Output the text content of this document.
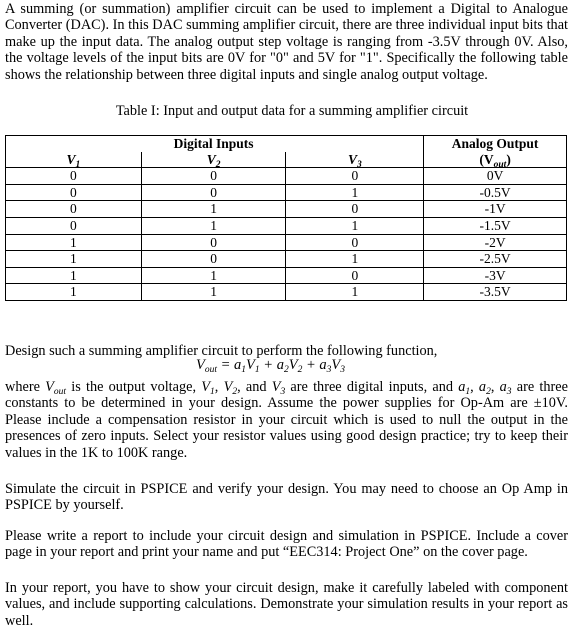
A summing (or summation) amplifier circuit can be used to implement a Digital to Analogue Converter (DAC). In this DAC summing amplifier circuit, there are three individual input bits that make up the input data. The analog output step voltage is ranging from -3.5V through 0V. Also, the voltage levels of the input bits are 0V for "0" and 5V for "1". Specifically the following table shows the relationship between three digital inputs and single analog output voltage.
Table I: Input and output data for a summing amplifier circuit
	Digital Inputs		Analog Output
$V_1$	$V_2$	$V_3$	$(V_{out})$
0	0	0	0V
0	0	1	-0.5V
0	1	0	-1V
0	1	1	-1.5V
1	0	0	-2V
1	0	1	-2.5V
1	1	0	-3V
1	1	1	-3.5V
Design such a summing amplifier circuit to perform the following function,
$V_{out} = a_1V_1 + a_2V_2 + a_3V_3$
where $V_{out}$ is the output voltage, $V_1$, $V_2$, and $V_3$ are three digital inputs, and $a_1$, $a_2$, $a_3$ are three constants to be determined in your design. Assume the power supplies for Op-Am are ±10V. Please include a compensation resistor in your circuit which is used to null the output in the presences of zero inputs. Select your resistor values using good design practice; try to keep their values in the 1K to 100K range.
Simulate the circuit in PSPICE and verify your design. You may need to choose an Op Amp in PSPICE by yourself.
Please write a report to include your circuit design and simulation in PSPICE. Include a cover page in your report and print your name and put “EEC314: Project One” on the cover page.
In your report, you have to show your circuit design, make it carefully labeled with component values, and include supporting calculations. Demonstrate your simulation results in your report as well.
